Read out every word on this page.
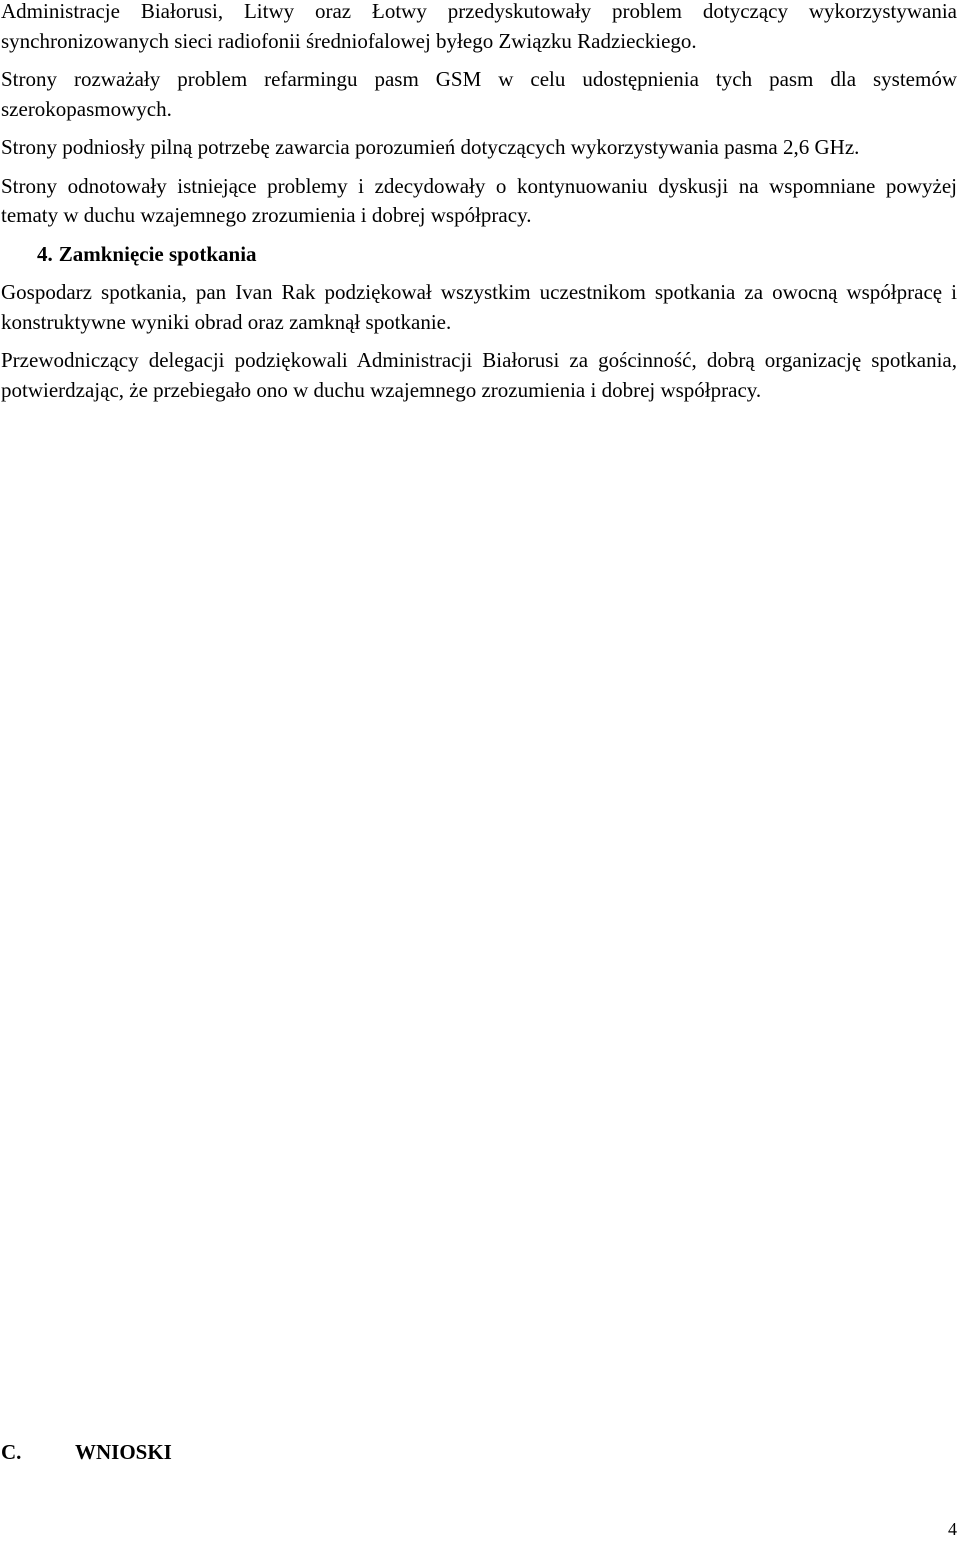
Administracje Białorusi, Litwy oraz Łotwy przedyskutowały problem dotyczący wykorzystywania synchronizowanych sieci radiofonii średniofalowej byłego Związku Radzieckiego.

Strony rozważały problem refarmingu pasm GSM w celu udostępnienia tych pasm dla systemów szerokopasmowych.

Strony podniosły pilną potrzebę zawarcia porozumień dotyczących wykorzystywania pasma 2,6 GHz.

Strony odnotowały istniejące problemy i zdecydowały o kontynuowaniu dyskusji na wspomniane powyżej tematy w duchu wzajemnego zrozumienia i dobrej współpracy.

4. Zamknięcie spotkania

Gospodarz spotkania, pan Ivan Rak podziękował wszystkim uczestnikom spotkania za owocną współpracę i konstruktywne wyniki obrad oraz zamknął spotkanie.

Przewodniczący delegacji podziękowali Administracji Białorusi za gościnność, dobrą organizację spotkania, potwierdzając, że przebiegało ono w duchu wzajemnego zrozumienia i dobrej współpracy.

C.	WNIOSKI
4
